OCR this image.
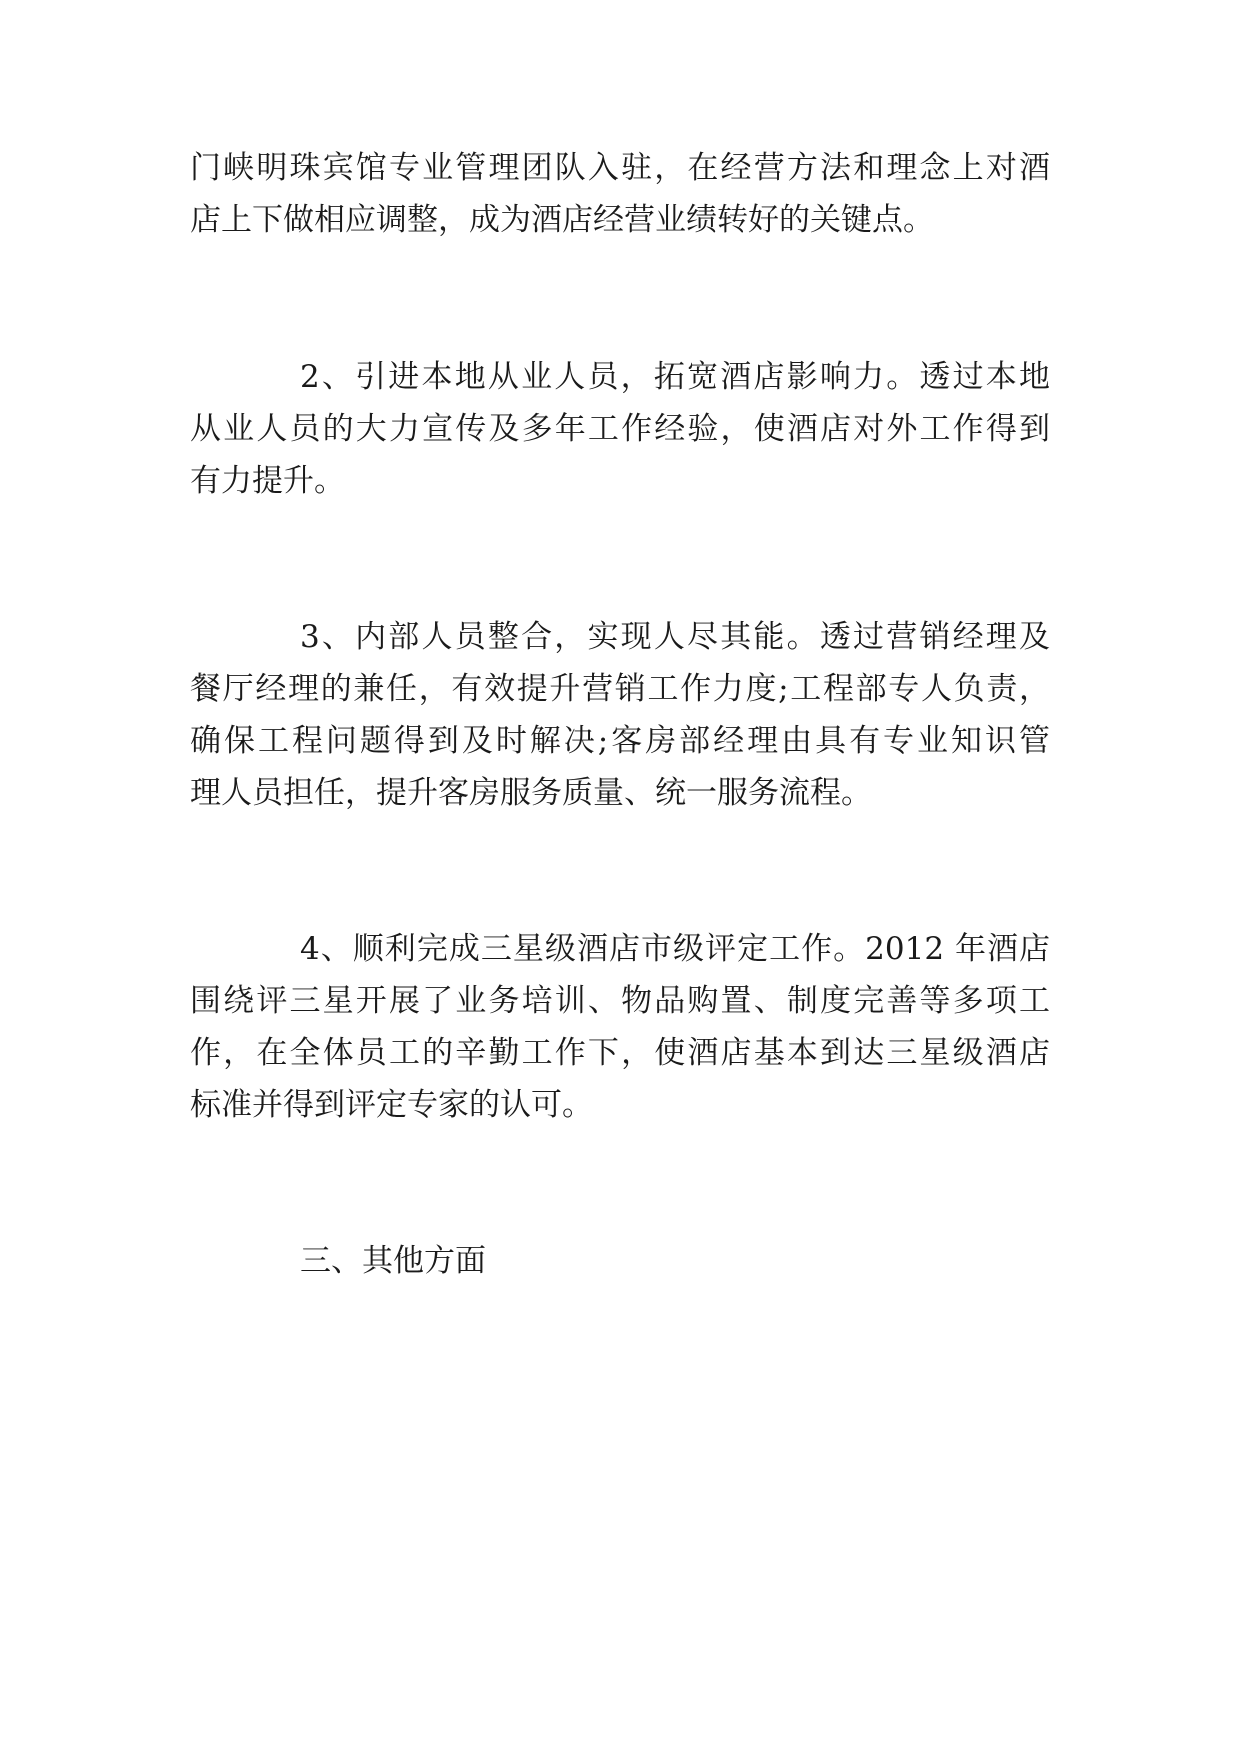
门峡明珠宾馆专业管理团队入驻，在经营方法和理念上对酒
店上下做相应调整，成为酒店经营业绩转好的关键点。
2、引进本地从业人员，拓宽酒店影响力。透过本地
从业人员的大力宣传及多年工作经验，使酒店对外工作得到
有力提升。
3、内部人员整合，实现人尽其能。透过营销经理及
餐厅经理的兼任，有效提升营销工作力度;工程部专人负责，
确保工程问题得到及时解决;客房部经理由具有专业知识管
理人员担任，提升客房服务质量、统一服务流程。
4、顺利完成三星级酒店市级评定工作。2012 年酒店
围绕评三星开展了业务培训、物品购置、制度完善等多项工
作，在全体员工的辛勤工作下，使酒店基本到达三星级酒店
标准并得到评定专家的认可。
三、其他方面
